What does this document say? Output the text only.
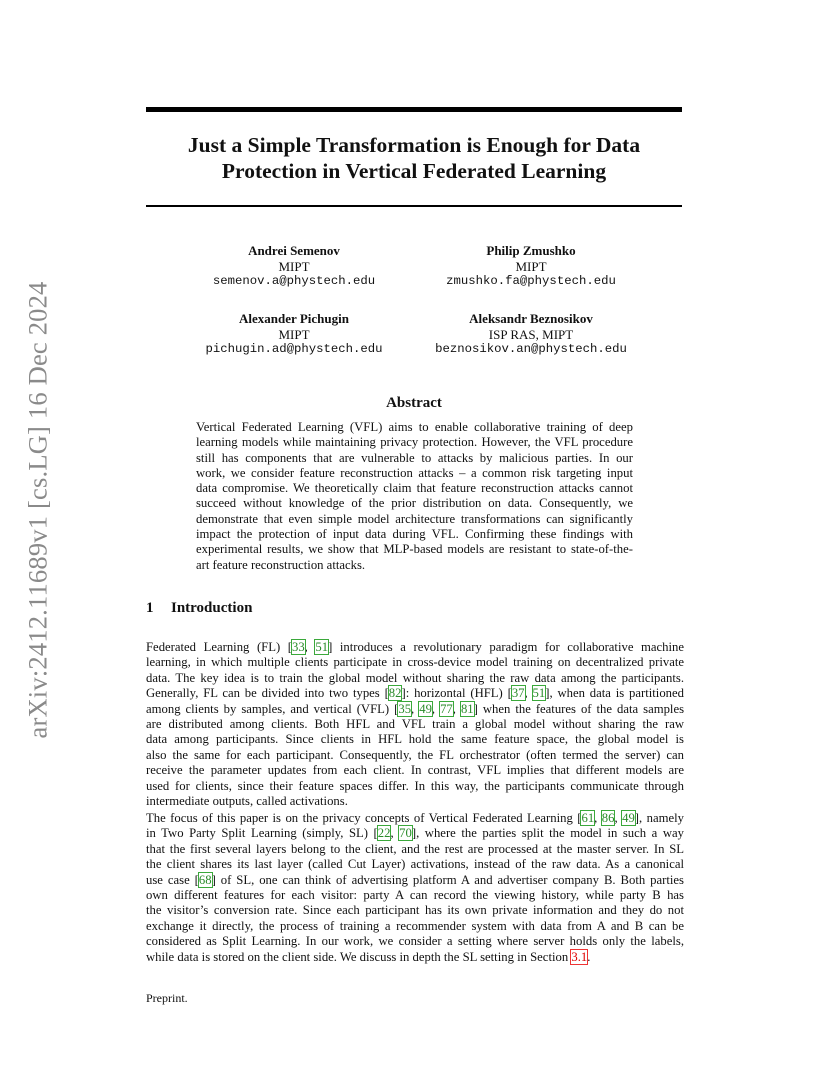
arXiv:2412.11689v1 [cs.LG] 16 Dec 2024
Just a Simple Transformation is Enough for Data
Protection in Vertical Federated Learning
Andrei Semenov
MIPT
semenov.a@phystech.edu
Philip Zmushko
MIPT
zmushko.fa@phystech.edu
Alexander Pichugin
MIPT
pichugin.ad@phystech.edu
Aleksandr Beznosikov
ISP RAS, MIPT
beznosikov.an@phystech.edu
Abstract
Vertical Federated Learning (VFL) aims to enable collaborative training of deep
learning models while maintaining privacy protection. However, the VFL procedure
still has components that are vulnerable to attacks by malicious parties. In our
work, we consider feature reconstruction attacks – a common risk targeting input
data compromise. We theoretically claim that feature reconstruction attacks cannot
succeed without knowledge of the prior distribution on data. Consequently, we
demonstrate that even simple model architecture transformations can significantly
impact the protection of input data during VFL. Confirming these findings with
experimental results, we show that MLP-based models are resistant to state-of-the-
art feature reconstruction attacks.
1 Introduction
Federated Learning (FL) [33, 51] introduces a revolutionary paradigm for collaborative machine
learning, in which multiple clients participate in cross-device model training on decentralized private
data. The key idea is to train the global model without sharing the raw data among the participants.
Generally, FL can be divided into two types [82]: horizontal (HFL) [37, 51], when data is partitioned
among clients by samples, and vertical (VFL) [35, 49, 77, 81] when the features of the data samples
are distributed among clients. Both HFL and VFL train a global model without sharing the raw
data among participants. Since clients in HFL hold the same feature space, the global model is
also the same for each participant. Consequently, the FL orchestrator (often termed the server) can
receive the parameter updates from each client. In contrast, VFL implies that different models are
used for clients, since their feature spaces differ. In this way, the participants communicate through
intermediate outputs, called activations.
The focus of this paper is on the privacy concepts of Vertical Federated Learning [61, 86, 49], namely
in Two Party Split Learning (simply, SL) [22, 70], where the parties split the model in such a way
that the first several layers belong to the client, and the rest are processed at the master server. In SL
the client shares its last layer (called Cut Layer) activations, instead of the raw data. As a canonical
use case [68] of SL, one can think of advertising platform A and advertiser company B. Both parties
own different features for each visitor: party A can record the viewing history, while party B has
the visitor’s conversion rate. Since each participant has its own private information and they do not
exchange it directly, the process of training a recommender system with data from A and B can be
considered as Split Learning. In our work, we consider a setting where server holds only the labels,
while data is stored on the client side. We discuss in depth the SL setting in Section 3.1.
Preprint.
